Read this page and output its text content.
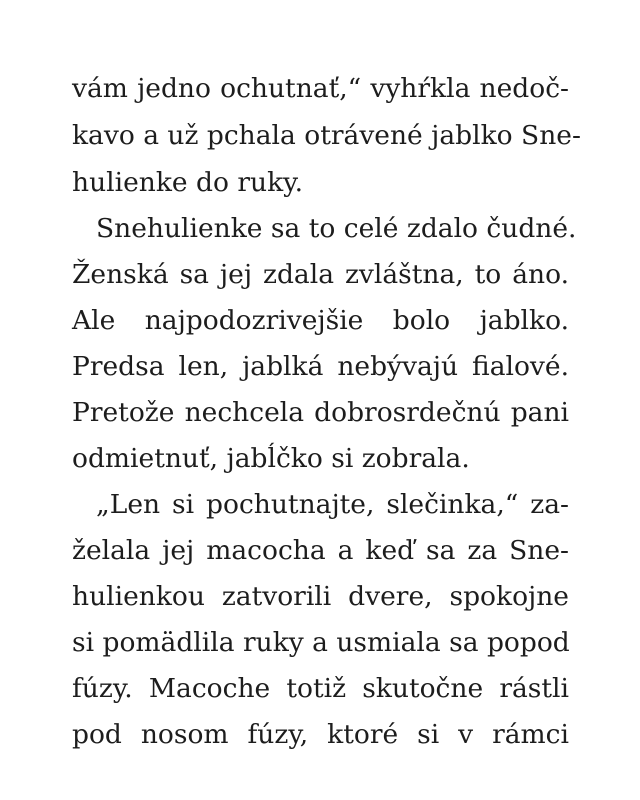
vám jedno ochutnať,“ vyhŕkla nedoč-
kavo a už pchala otrávené jablko Sne-
hulienke do ruky.
Snehulienke sa to celé zdalo čudné.
Ženská sa jej zdala zvláštna, to áno.
Ale najpodozrivejšie bolo jablko.
Predsa len, jablká nebývajú fialové.
Pretože nechcela dobrosrdečnú pani
odmietnuť, jabĺčko si zobrala.
„Len si pochutnajte, slečinka,“ za-
želala jej macocha a keď sa za Sne-
hulienkou zatvorili dvere, spokojne
si pomädlila ruky a usmiala sa popod
fúzy. Macoche totiž skutočne rástli
pod nosom fúzy, ktoré si v rámci
